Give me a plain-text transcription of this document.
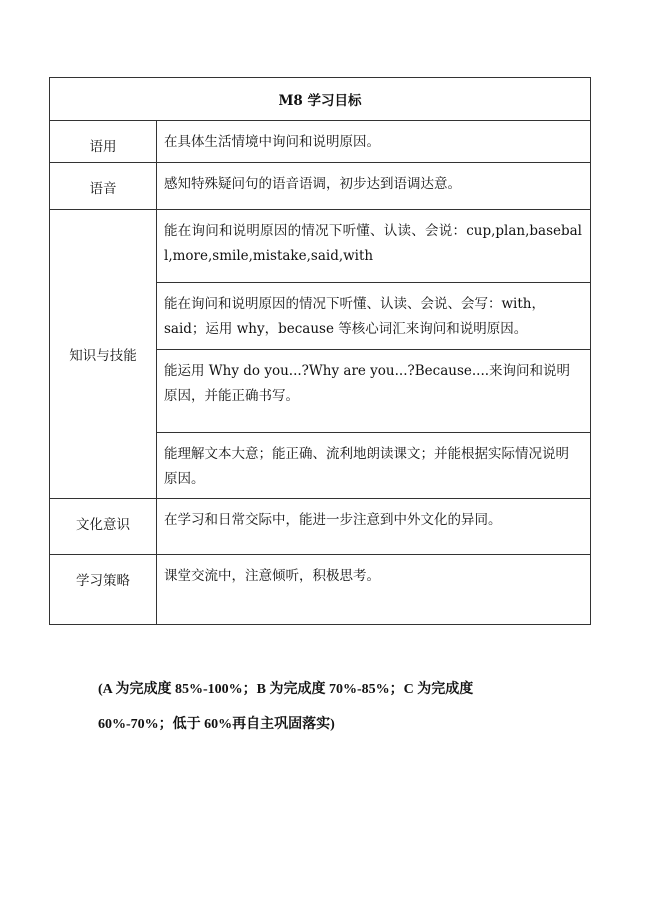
M8 学习目标	
语用	在具体生活情境中询问和说明原因。
语音	感知特殊疑问句的语音语调，初步达到语调达意。
知识与技能	能在询问和说明原因的情况下听懂、认读、会说：cup,plan,baseball,more,smile,mistake,said,with
	能在询问和说明原因的情况下听懂、认读、会说、会写：with，said；运用 why，because 等核心词汇来询问和说明原因。
	能运用 Why do you...?Why are you...?Because....来询问和说明原因，并能正确书写。
	能理解文本大意；能正确、流利地朗读课文；并能根据实际情况说明原因。
文化意识	在学习和日常交际中，能进一步注意到中外文化的异同。
学习策略	课堂交流中，注意倾听，积极思考。
(A 为完成度 85%-100%；B 为完成度 70%-85%；C 为完成度
60%-70%；低于 60%再自主巩固落实)
